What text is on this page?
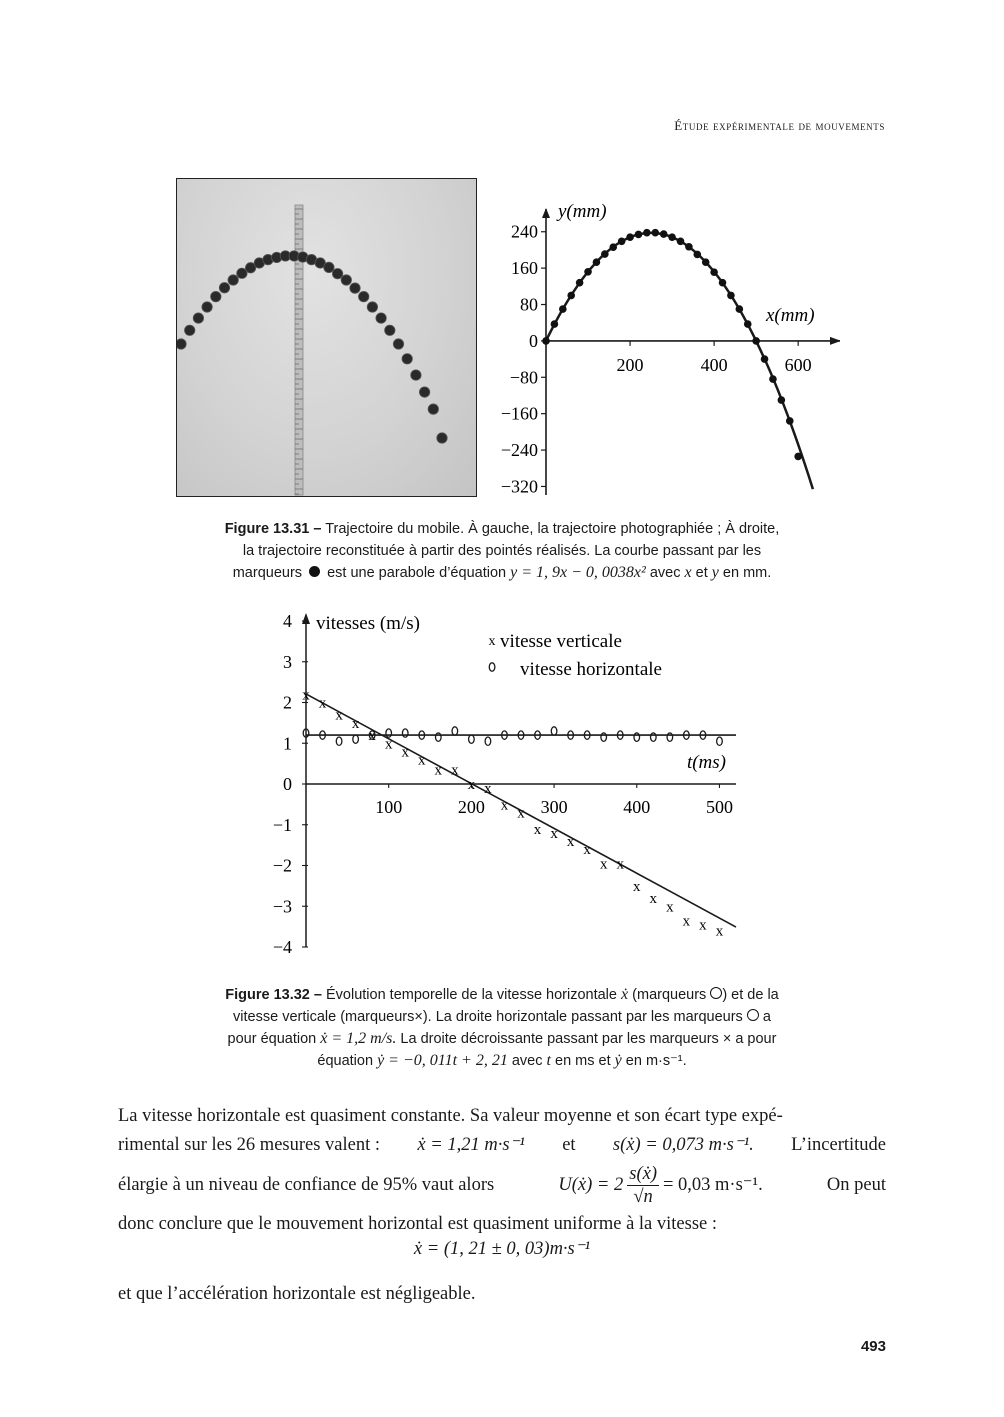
Étude expérimentale de mouvements
240
160
80
0
−80
−160
−240
−320
200	400	600
y(mm)
x(mm)
Figure 13.31 – Trajectoire du mobile. À gauche, la trajectoire photographiée ; À droite,
la trajectoire reconstituée à partir des pointés réalisés. La courbe passant par les
marqueurs est une parabole d’équation y = 1, 9x − 0, 0038x² avec x et y en mm.
4
3
2
1
0
−1
−2
−3
−4
100	200	300	400	500
x
x
x
x
x
x
x
x
x x
x x
x
x
x x
x
x
x x
x
x
x
x x x
vitesses (m/s)
t(ms)
x vitesse verticale
vitesse horizontale
Figure 13.32 – Évolution temporelle de la vitesse horizontale ẋ (marqueurs ) et de la
vitesse verticale (marqueurs×). La droite horizontale passant par les marqueurs a
pour équation ẋ = 1,2 m/s. La droite décroissante passant par les marqueurs × a pour
équation ẏ = −0, 011t + 2, 21 avec t en ms et ẏ en m·s⁻¹.
La vitesse horizontale est quasiment constante. Sa valeur moyenne et son écart type expé-
rimental sur les 26 mesures valent : ẋ = 1,21 m·s⁻¹ et s(ẋ) = 0,073 m·s⁻¹. L’incertitude
élargie à un niveau de confiance de 95% vaut alors	U(ẋ) = $2 \frac{\text{s(ẋ)}}{√n} = 0,03$ m·s⁻¹.	On peut
donc conclure que le mouvement horizontal est quasiment uniforme à la vitesse :
ẋ = (1, 21 ± 0, 03)m·s⁻¹
et que l’accélération horizontale est négligeable.
493
